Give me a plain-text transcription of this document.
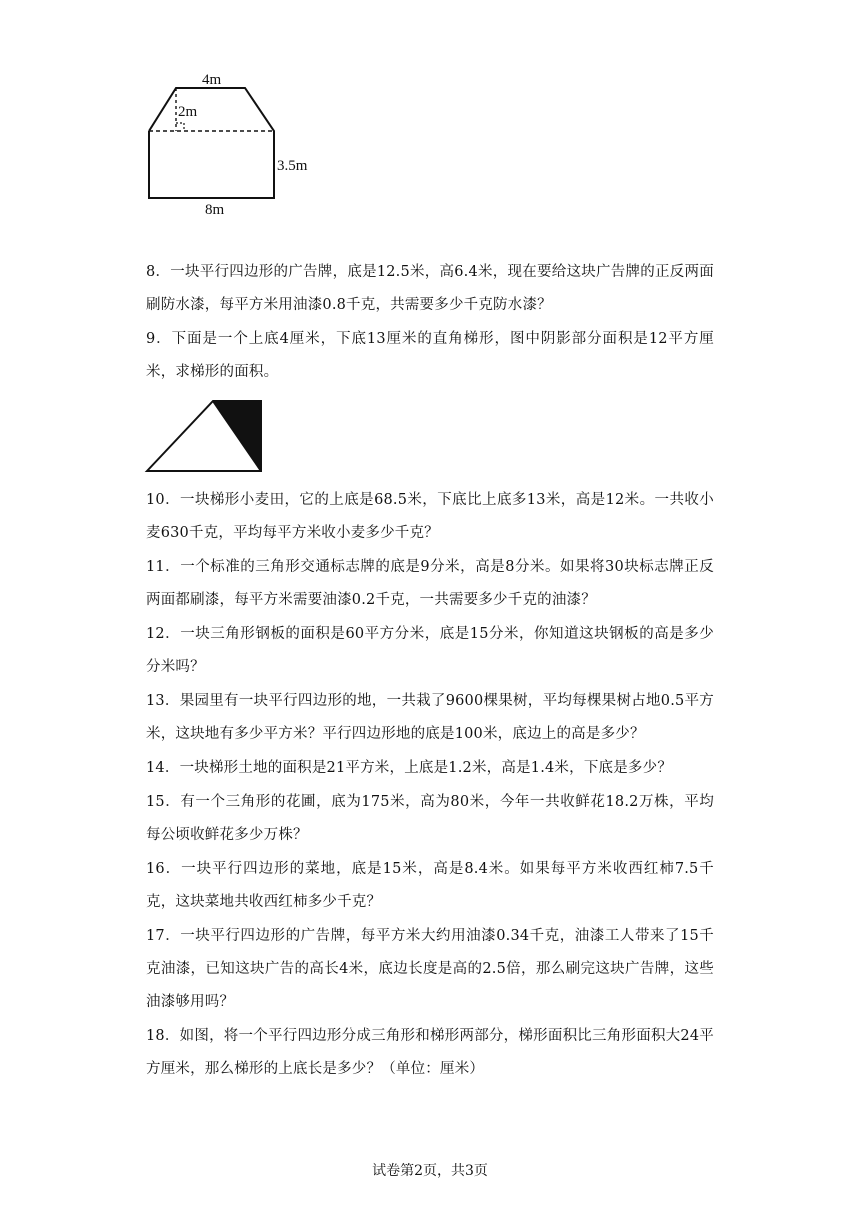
4m
2m
3.5m
8m
8．一块平行四边形的广告牌，底是12.5米，高6.4米，现在要给这块广告牌的正反两面刷防水漆，每平方米用油漆0.8千克，共需要多少千克防水漆？
9．下面是一个上底4厘米，下底13厘米的直角梯形，图中阴影部分面积是12平方厘米，求梯形的面积。
10．一块梯形小麦田，它的上底是68.5米，下底比上底多13米，高是12米。一共收小麦630千克，平均每平方米收小麦多少千克？
11．一个标准的三角形交通标志牌的底是9分米，高是8分米。如果将30块标志牌正反两面都刷漆，每平方米需要油漆0.2千克，一共需要多少千克的油漆？
12．一块三角形钢板的面积是60平方分米，底是15分米，你知道这块钢板的高是多少分米吗？
13．果园里有一块平行四边形的地，一共栽了9600棵果树，平均每棵果树占地0.5平方米，这块地有多少平方米？平行四边形地的底是100米，底边上的高是多少？
14．一块梯形土地的面积是21平方米，上底是1.2米，高是1.4米，下底是多少？
15．有一个三角形的花圃，底为175米，高为80米，今年一共收鲜花18.2万株，平均每公顷收鲜花多少万株？
16．一块平行四边形的菜地，底是15米，高是8.4米。如果每平方米收西红柿7.5千克，这块菜地共收西红柿多少千克？
17．一块平行四边形的广告牌，每平方米大约用油漆0.34千克，油漆工人带来了15千克油漆，已知这块广告的高长4米，底边长度是高的2.5倍，那么刷完这块广告牌，这些油漆够用吗？
18．如图，将一个平行四边形分成三角形和梯形两部分，梯形面积比三角形面积大24平方厘米，那么梯形的上底长是多少？（单位：厘米）
试卷第2页，共3页
